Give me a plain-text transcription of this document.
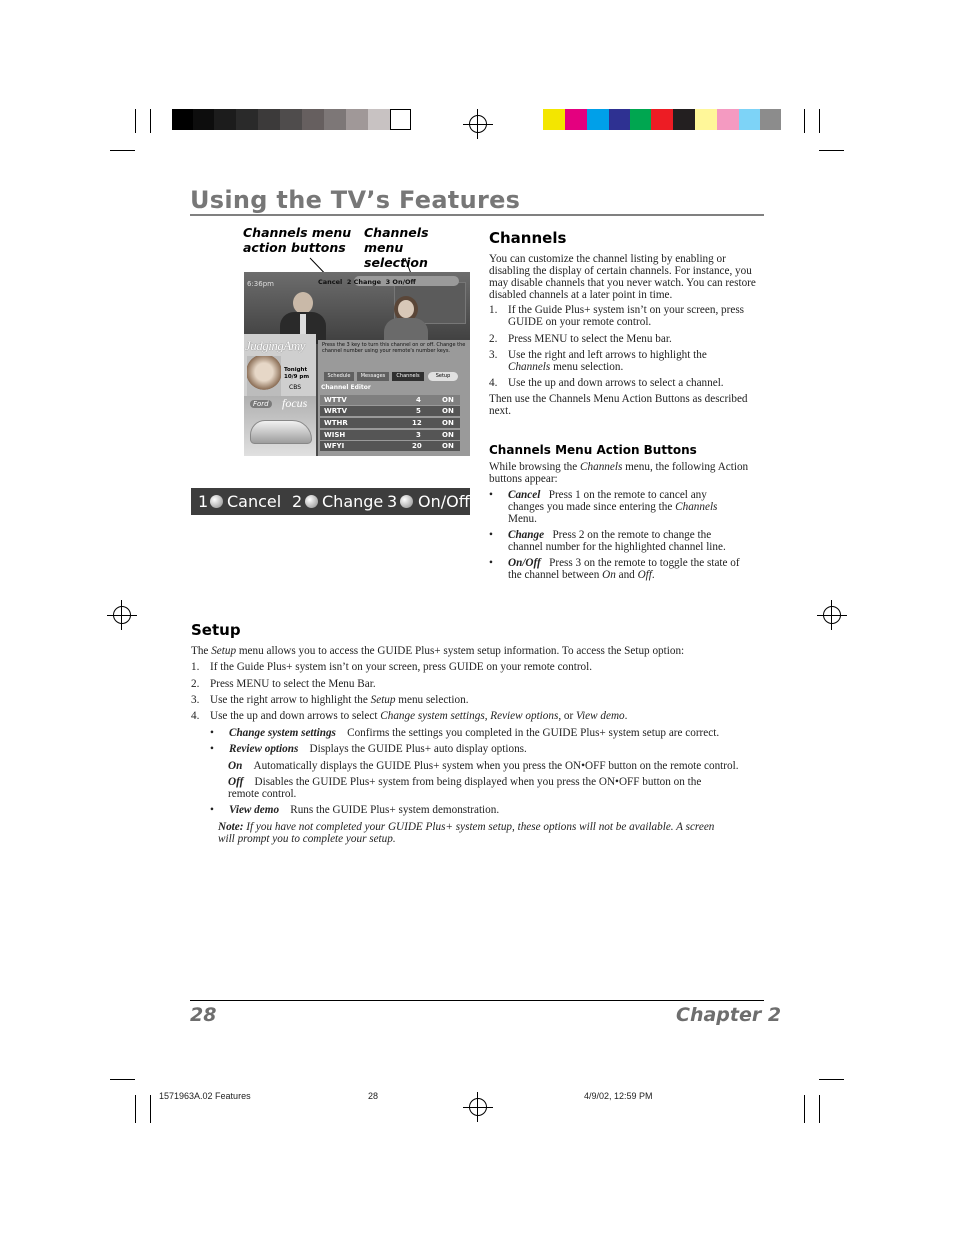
Using the TV’s Features
Channels menu action buttons
Channels menu selection
6:36pm	Cancel 2 Change 3 On/Off
JudgingAmy
Tonight 10/9 pm
CBS
Ford focus
Press the 3 key to turn this channel on or off. Change the channel number using your remote's number keys.
Schedule	Messages	Channels	Setup
Channel Editor
WTTV	4	ON
WRTV	5	ON
WTHR	12	ON
WISH	3	ON
WFYI	20	ON
1 Cancel 2 Change 3 On/Off
Channels
You can customize the channel listing by enabling or disabling the display of certain channels. For instance, you may disable channels that you never watch. You can restore disabled channels at a later point in time.
1. If the Guide Plus+ system isn’t on your screen, press
GUIDE on your remote control.
2. Press MENU to select the Menu bar.
3. Use the right and left arrows to highlight the
Channels menu selection.
4. Use the up and down arrows to select a channel.
Then use the Channels Menu Action Buttons as described next.
Channels Menu Action Buttons
While browsing the Channels menu, the following Action buttons appear:
• Cancel Press 1 on the remote to cancel any
changes you made since entering the Channels
Menu.
• Change Press 2 on the remote to change the
channel number for the highlighted channel line.
• On/Off Press 3 on the remote to toggle the state of
the channel between On and Off.
Setup
The Setup menu allows you to access the GUIDE Plus+ system setup information. To access the Setup option:
1. If the Guide Plus+ system isn’t on your screen, press GUIDE on your remote control.
2. Press MENU to select the Menu Bar.
3. Use the right arrow to highlight the Setup menu selection.
4. Use the up and down arrows to select Change system settings, Review options, or View demo.
• Change system settings Confirms the settings you completed in the GUIDE Plus+ system setup are correct.
• Review options Displays the GUIDE Plus+ auto display options.
On Automatically displays the GUIDE Plus+ system when you press the ON•OFF button on the remote control.
Off Disables the GUIDE Plus+ system from being displayed when you press the ON•OFF button on the
remote control.
• View demo Runs the GUIDE Plus+ system demonstration.
Note: If you have not completed your GUIDE Plus+ system setup, these options will not be available. A screen
will prompt you to complete your setup.
28	Chapter 2
1571963A.02 Features	28	4/9/02, 12:59 PM
